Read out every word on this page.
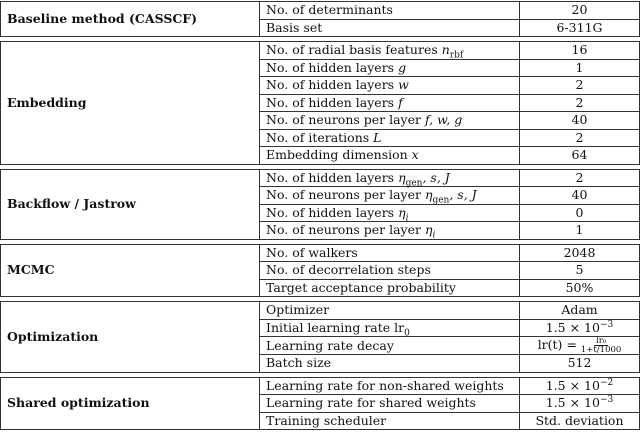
Baseline method (CASSCF)	No. of determinants	20
	Basis set	6-311G
Embedding	No. of radial basis features $n_{rbf}$	16
	No. of hidden layers g	1
	No. of hidden layers w	2
	No. of hidden layers f	2
	No. of neurons per layer f, w, g	40
	No. of iterations L	2
	Embedding dimension x	64
Backflow / Jastrow	No. of hidden layers $\eta_{gen}$, s, J	2
	No. of neurons per layer $\eta_{gen}$, s, J	40
	No. of hidden layers $\eta_i$	0
	No. of neurons per layer $\eta_i$	1
MCMC	No. of walkers	2048
	No. of decorrelation steps	5
	Target acceptance probability	50%
Optimization	Optimizer	Adam
	Initial learning rate $lr_0$	$1.5 \times 10^{-3}$
	Learning rate decay	$lr(t) = \frac{\text{lr₀}}{1+t/1000}$

	Batch size	512
Shared optimization	Learning rate for non-shared weights	$1.5 \times 10^{-2}$
	Learning rate for shared weights	$1.5 \times 10^{-3}$
	Training scheduler	Std. deviation
